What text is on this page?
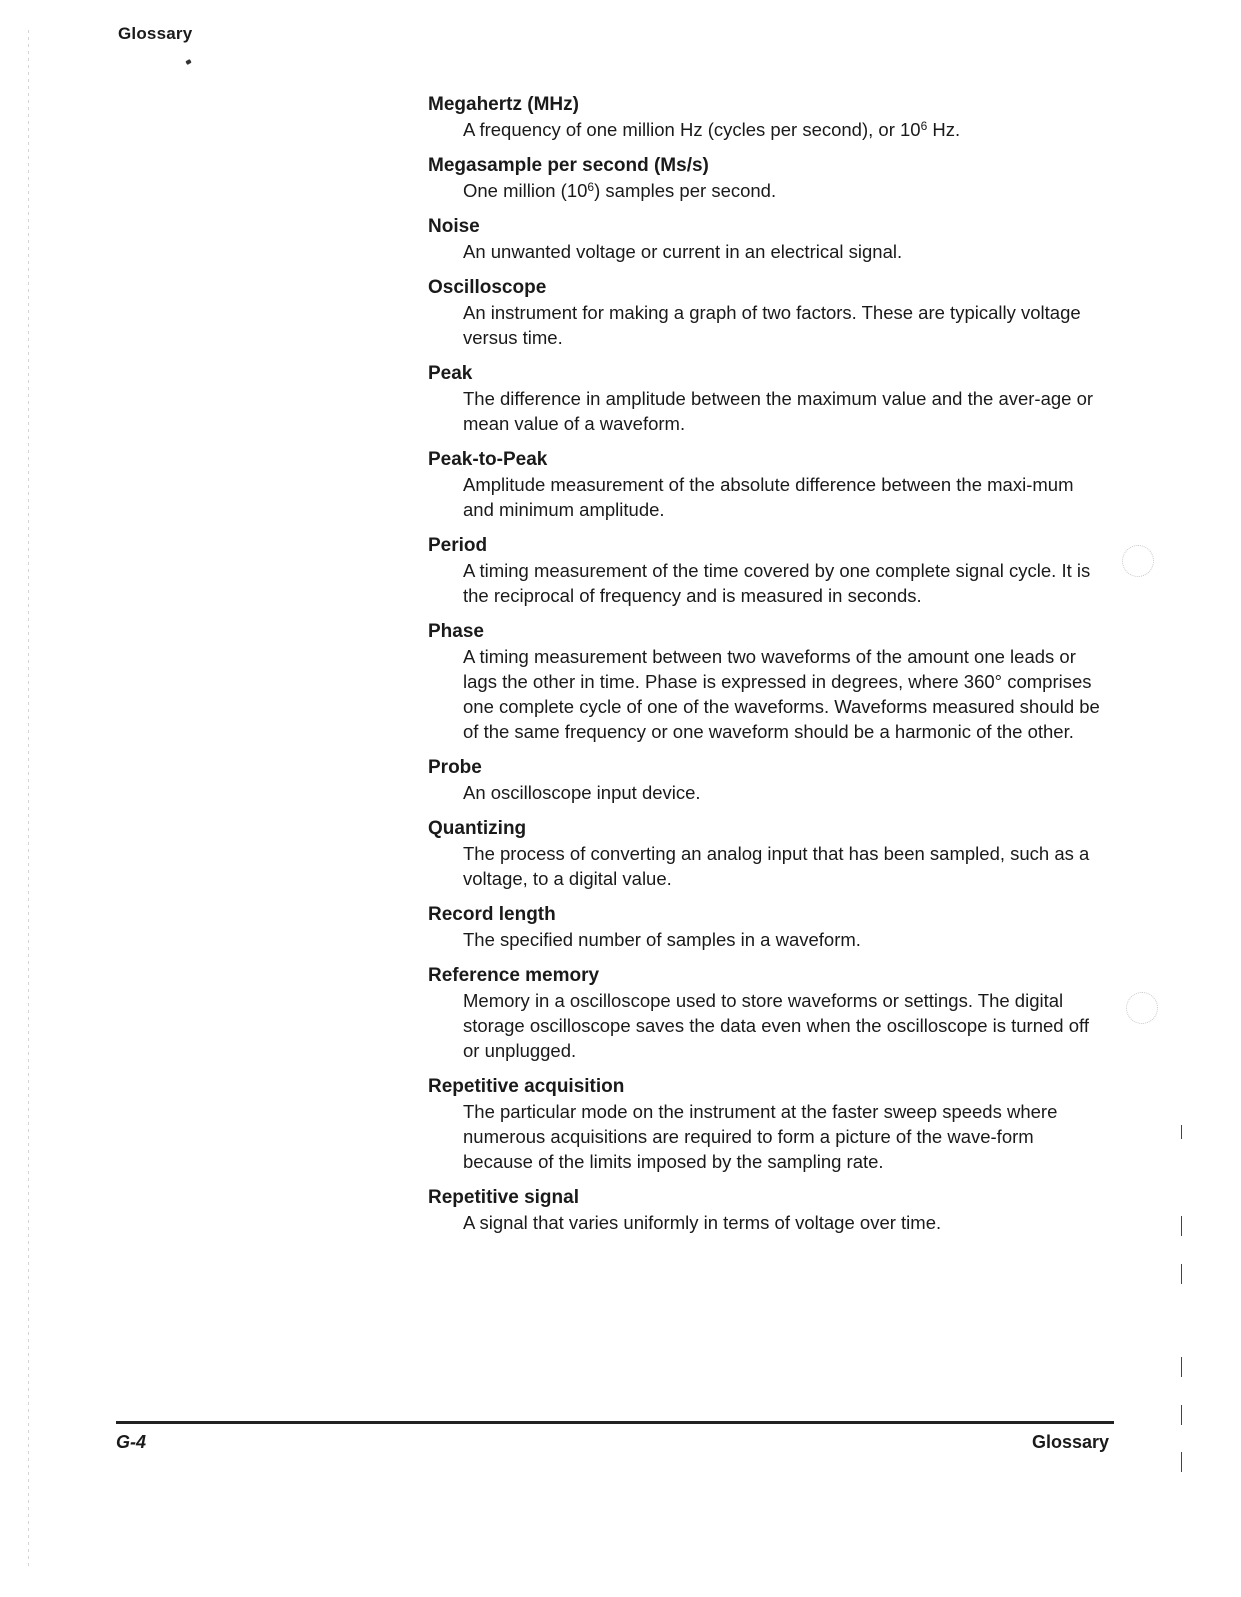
Glossary
Megahertz (MHz)
A frequency of one million Hz (cycles per second), or $10^6$ Hz.
Megasample per second (Ms/s)
One million $(10^6)$ samples per second.
Noise
An unwanted voltage or current in an electrical signal.
Oscilloscope
An instrument for making a graph of two factors. These are typically voltage versus time.
Peak
The difference in amplitude between the maximum value and the aver-age or mean value of a waveform.
Peak-to-Peak
Amplitude measurement of the absolute difference between the maxi-mum and minimum amplitude.
Period
A timing measurement of the time covered by one complete signal cycle. It is the reciprocal of frequency and is measured in seconds.
Phase
A timing measurement between two waveforms of the amount one leads or lags the other in time. Phase is expressed in degrees, where 360° comprises one complete cycle of one of the waveforms. Waveforms measured should be of the same frequency or one waveform should be a harmonic of the other.
Probe
An oscilloscope input device.
Quantizing
The process of converting an analog input that has been sampled, such as a voltage, to a digital value.
Record length
The specified number of samples in a waveform.
Reference memory
Memory in a oscilloscope used to store waveforms or settings. The digital storage oscilloscope saves the data even when the oscilloscope is turned off or unplugged.
Repetitive acquisition
The particular mode on the instrument at the faster sweep speeds where numerous acquisitions are required to form a picture of the wave-form because of the limits imposed by the sampling rate.
Repetitive signal
A signal that varies uniformly in terms of voltage over time.
G-4	Glossary
